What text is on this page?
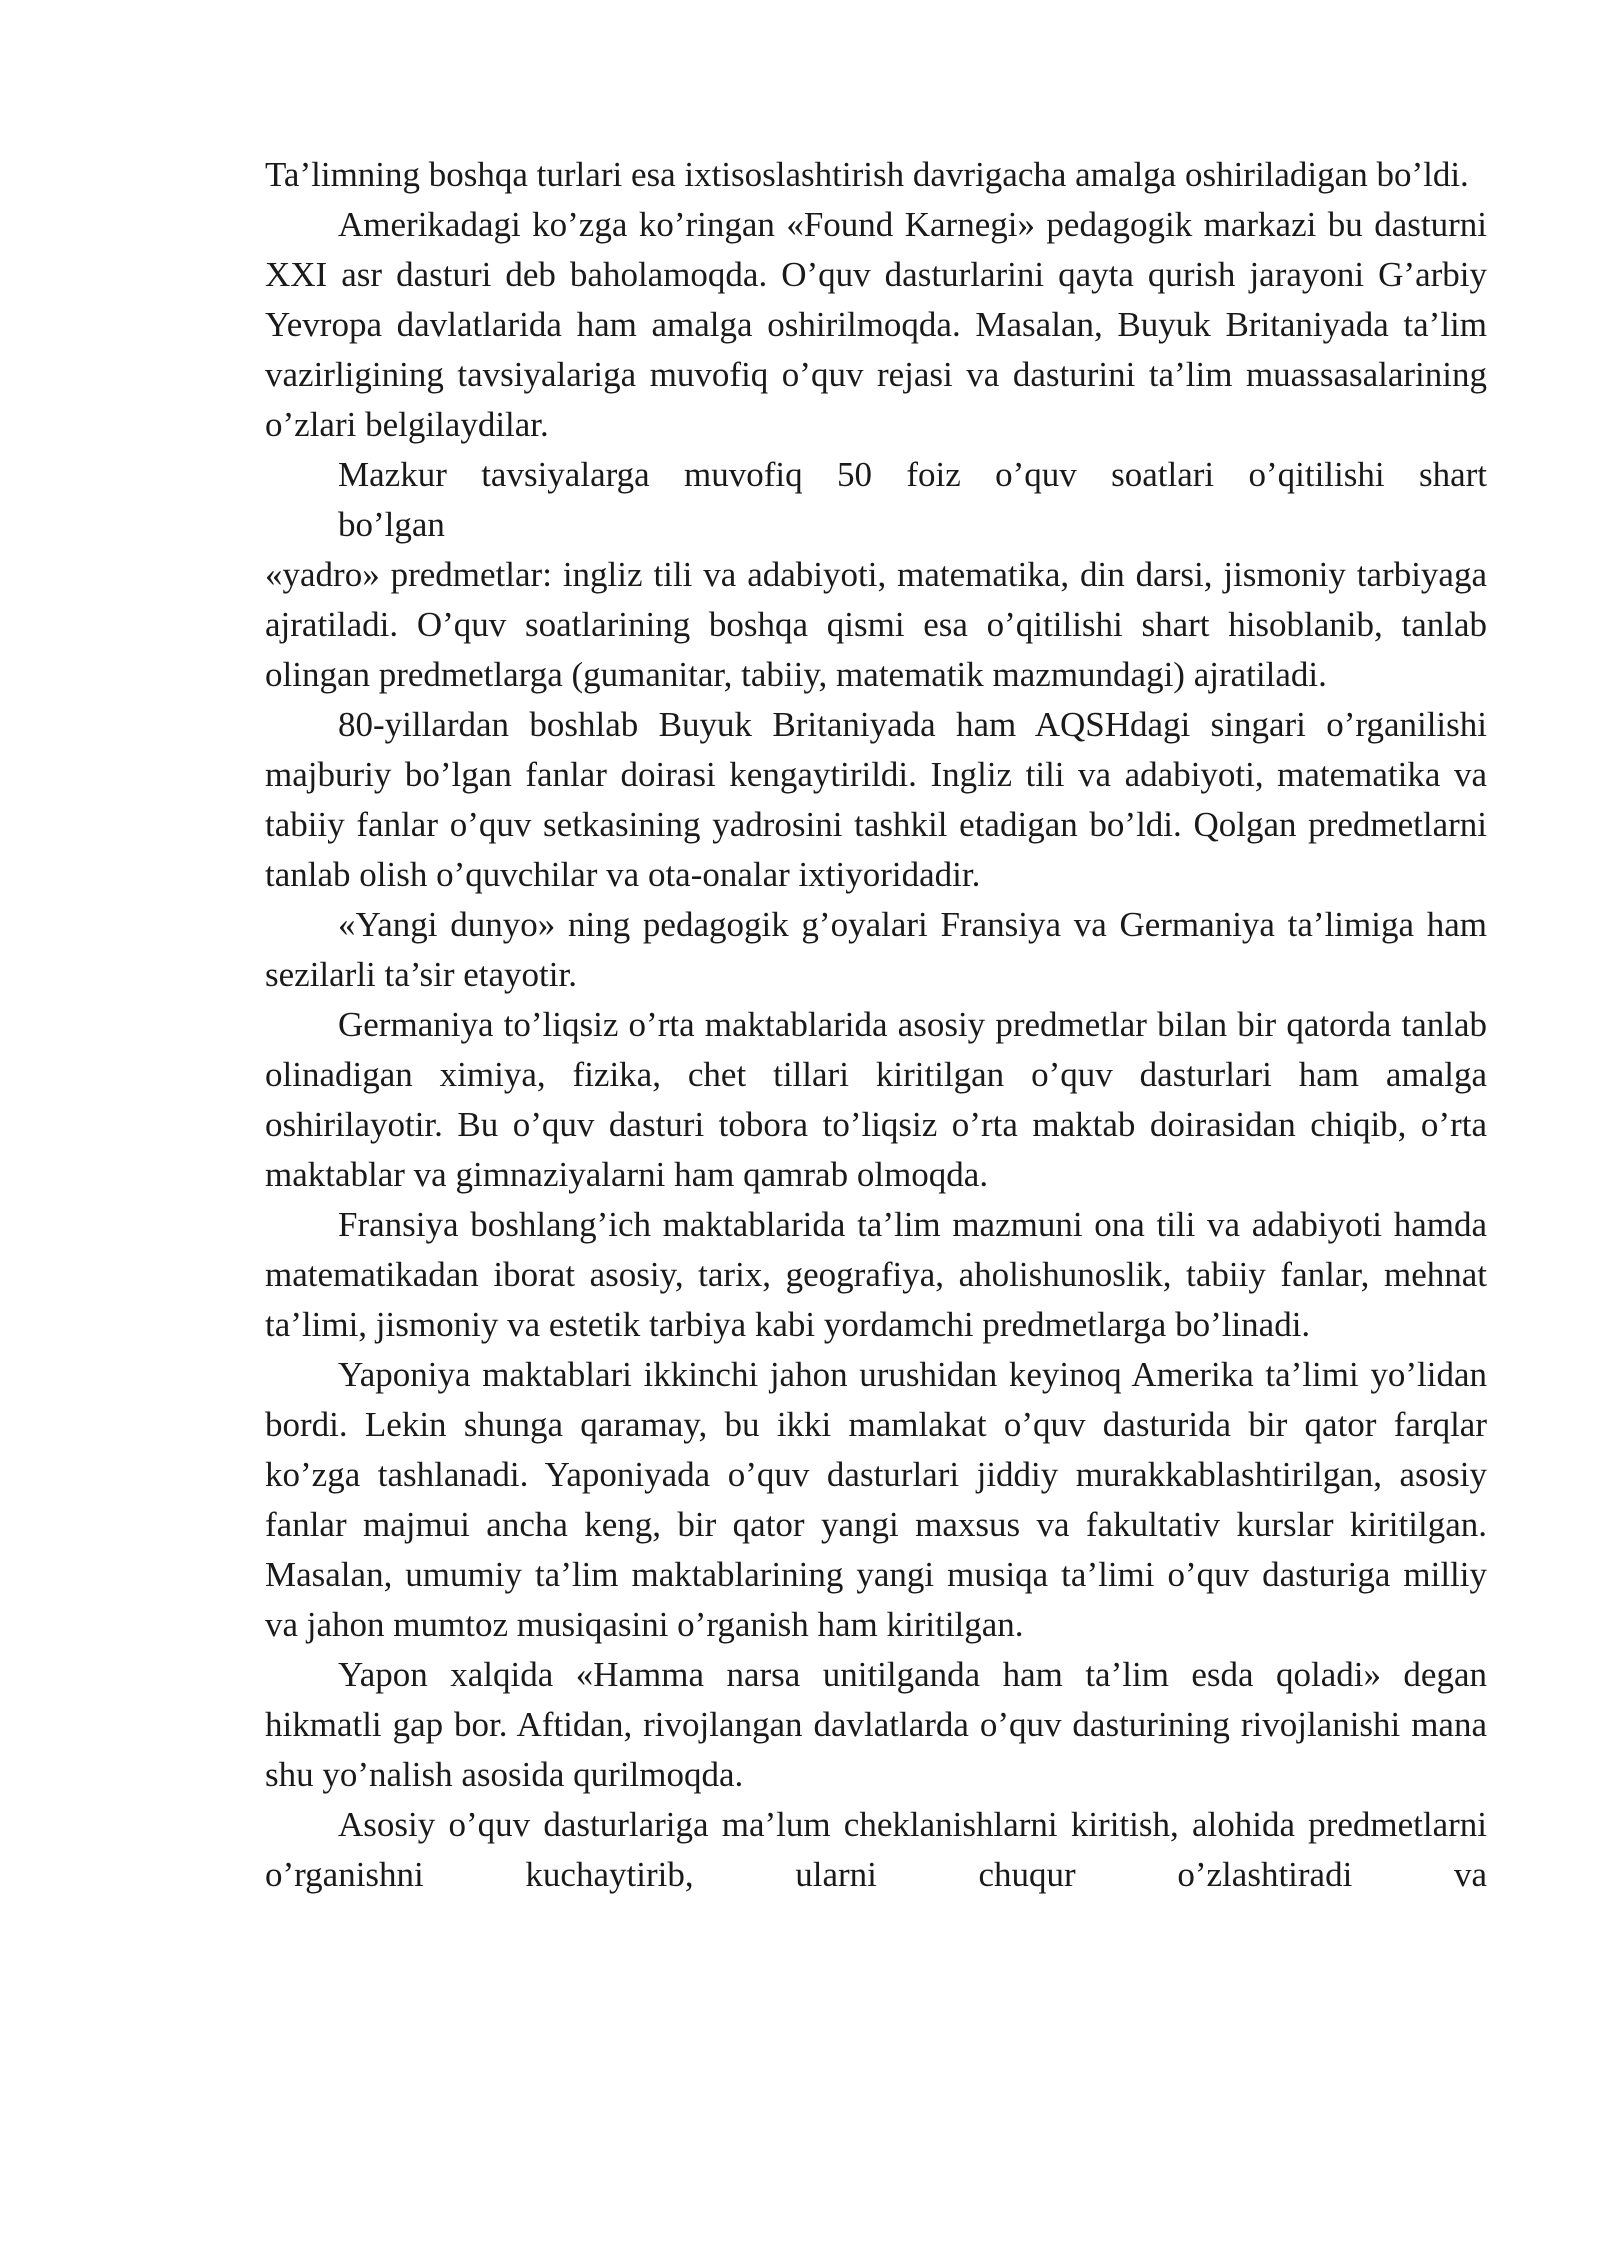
Ta’limning boshqa turlari esa ixtisoslashtirish davrigacha amalga oshiriladigan bo’ldi.

Amerikadagi ko’zga ko’ringan «Found Karnegi» pedagogik markazi bu dasturni XXI asr dasturi deb baholamoqda. O’quv dasturlarini qayta qurish jarayoni G’arbiy Yevropa davlatlarida ham amalga oshirilmoqda. Masalan, Buyuk Britaniyada ta’lim vazirligining tavsiyalariga muvofiq o’quv rejasi va dasturini ta’lim muassasalarining o’zlari belgilaydilar.

Mazkur tavsiyalarga muvofiq 50 foiz o’quv soatlari o’qitilishi shart

bo’lgan

«yadro» predmetlar: ingliz tili va adabiyoti, matematika, din darsi, jismoniy tarbiyaga ajratiladi. O’quv soatlarining boshqa qismi esa o’qitilishi shart hisoblanib, tanlab olingan predmetlarga (gumanitar, tabiiy, matematik mazmundagi) ajratiladi.

80-yillardan boshlab Buyuk Britaniyada ham AQSHdagi singari o’rganilishi majburiy bo’lgan fanlar doirasi kengaytirildi. Ingliz tili va adabiyoti, matematika va tabiiy fanlar o’quv setkasining yadrosini tashkil etadigan bo’ldi. Qolgan predmetlarni tanlab olish o’quvchilar va ota-onalar ixtiyoridadir.

«Yangi dunyo» ning pedagogik g’oyalari Fransiya va Germaniya ta’limiga ham sezilarli ta’sir etayotir.

Germaniya to’liqsiz o’rta maktablarida asosiy predmetlar bilan bir qatorda tanlab olinadigan ximiya, fizika, chet tillari kiritilgan o’quv dasturlari ham amalga oshirilayotir. Bu o’quv dasturi tobora to’liqsiz o’rta maktab doirasidan chiqib, o’rta maktablar va gimnaziyalarni ham qamrab olmoqda.

Fransiya boshlang’ich maktablarida ta’lim mazmuni ona tili va adabiyoti hamda matematikadan iborat asosiy, tarix, geografiya, aholishunoslik, tabiiy fanlar, mehnat ta’limi, jismoniy va estetik tarbiya kabi yordamchi predmetlarga bo’linadi.

Yaponiya maktablari ikkinchi jahon urushidan keyinoq Amerika ta’limi yo’lidan bordi. Lekin shunga qaramay, bu ikki mamlakat o’quv dasturida bir qator farqlar ko’zga tashlanadi. Yaponiyada o’quv dasturlari jiddiy murakkablashtirilgan, asosiy fanlar majmui ancha keng, bir qator yangi maxsus va fakultativ kurslar kiritilgan. Masalan, umumiy ta’lim maktablarining yangi musiqa ta’limi o’quv dasturiga milliy va jahon mumtoz musiqasini o’rganish ham kiritilgan.

Yapon xalqida «Hamma narsa unitilganda ham ta’lim esda qoladi» degan hikmatli gap bor. Aftidan, rivojlangan davlatlarda o’quv dasturining rivojlanishi mana shu yo’nalish asosida qurilmoqda.

Asosiy o’quv dasturlariga ma’lum cheklanishlarni kiritish, alohida predmetlarni o’rganishni kuchaytirib, ularni chuqur o’zlashtiradi va
